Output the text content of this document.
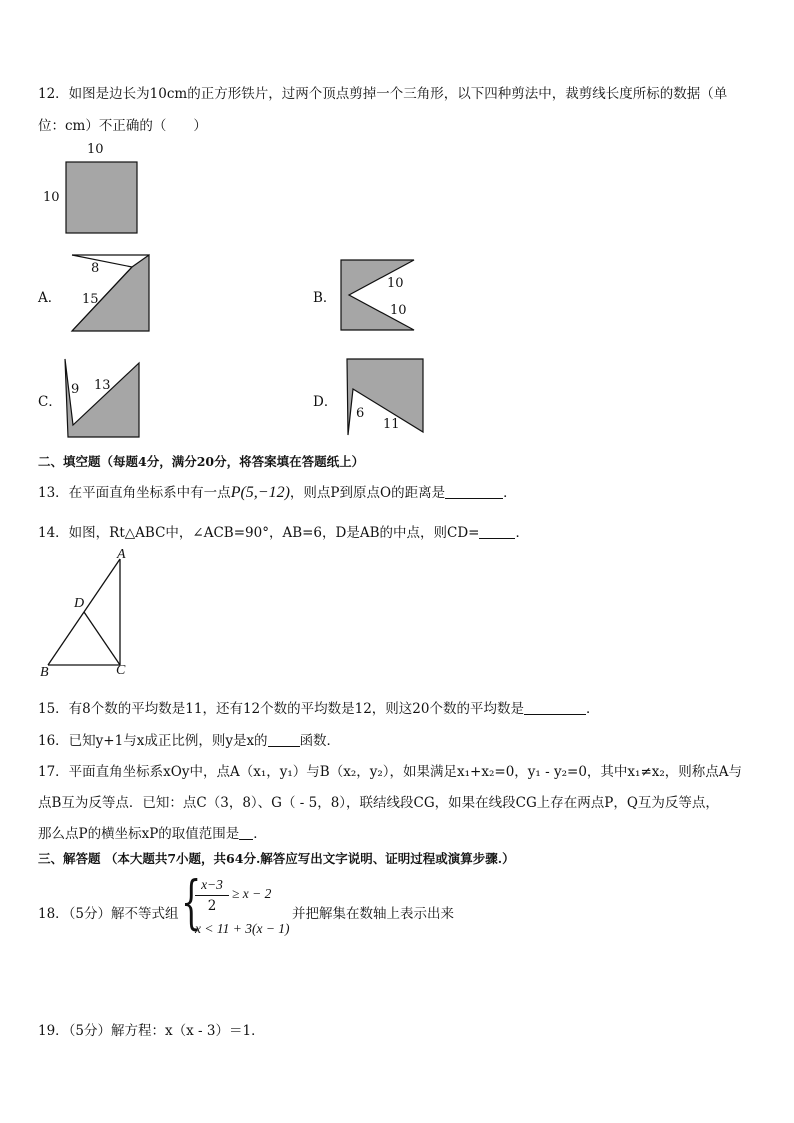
12．如图是边长为10cm的正方形铁片，过两个顶点剪掉一个三角形，以下四种剪法中，裁剪线长度所标的数据（单
位：cm）不正确的（　　）
10
10
A．
8
15	B．
10
10
C．
9 13
D．
6
11
二、填空题（每题4分，满分20分，将答案填在答题纸上）
13．在平面直角坐标系中有一点P(5,−12)，则点P到原点O的距离是	．
14．如图，Rt△ABC中，∠ACB=90°，AB=6，D是AB的中点，则CD=	．
A
D
B	C
15．有8个数的平均数是11，还有12个数的平均数是12，则这20个数的平均数是	．
16．已知y+1与x成正比例，则y是x的 函数．
17．平面直角坐标系xOy中，点A（x₁，y₁）与B（x₂，y₂），如果满足x₁+x₂=0，y₁ - y₂=0，其中x₁≠x₂，则称点A与
点B互为反等点．已知：点C（3，8）、G（ - 5，8），联结线段CG，如果在线段CG上存在两点P，Q互为反等点，
那么点P的横坐标xP的取值范围是 ．
三、解答题 （本大题共7小题，共64分.解答应写出文字说明、证明过程或演算步骤.）
18．（5分）解不等式组 { x−3
2
≥ x − 2
x < 11 + 3(x − 1)
并把解集在数轴上表示出来
19．（5分）解方程：x（x - 3）＝1．
